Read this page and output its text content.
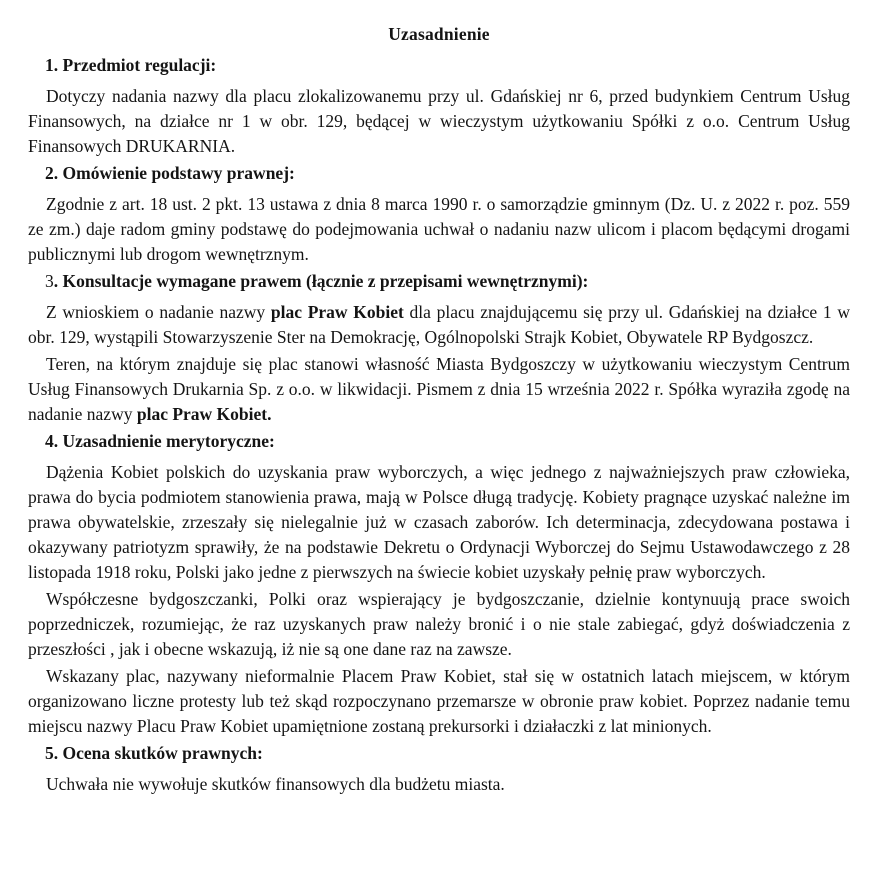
Uzasadnienie
1. Przedmiot regulacji:
Dotyczy nadania nazwy dla placu zlokalizowanemu przy ul. Gdańskiej nr 6, przed budynkiem Centrum Usług Finansowych, na działce nr 1 w obr. 129, będącej w wieczystym użytkowaniu Spółki z o.o. Centrum Usług Finansowych DRUKARNIA.
2. Omówienie podstawy prawnej:
Zgodnie z art. 18 ust. 2 pkt. 13 ustawa z dnia 8 marca 1990 r. o samorządzie gminnym (Dz. U. z 2022 r. poz. 559 ze zm.) daje radom gminy podstawę do podejmowania uchwał o nadaniu nazw ulicom i placom będącymi drogami publicznymi lub drogom wewnętrznym.
3. Konsultacje wymagane prawem (łącznie z przepisami wewnętrznymi):
Z wnioskiem o nadanie nazwy plac Praw Kobiet dla placu znajdującemu się przy ul. Gdańskiej na działce 1 w obr. 129, wystąpili Stowarzyszenie Ster na Demokrację, Ogólnopolski Strajk Kobiet, Obywatele RP Bydgoszcz.
Teren, na którym znajduje się plac stanowi własność Miasta Bydgoszczy w użytkowaniu wieczystym Centrum Usług Finansowych Drukarnia Sp. z o.o. w likwidacji. Pismem z dnia 15 września 2022 r. Spółka wyraziła zgodę na nadanie nazwy plac Praw Kobiet.
4. Uzasadnienie merytoryczne:
Dążenia Kobiet polskich do uzyskania praw wyborczych, a więc jednego z najważniejszych praw człowieka, prawa do bycia podmiotem stanowienia prawa, mają w Polsce długą tradycję. Kobiety pragnące uzyskać należne im prawa obywatelskie, zrzeszały się nielegalnie już w czasach zaborów. Ich determinacja, zdecydowana postawa i okazywany patriotyzm sprawiły, że na podstawie Dekretu o Ordynacji Wyborczej do Sejmu Ustawodawczego z 28 listopada 1918 roku, Polski jako jedne z pierwszych na świecie kobiet uzyskały pełnię praw wyborczych.
Współczesne bydgoszczanki, Polki oraz wspierający je bydgoszczanie, dzielnie kontynuują prace swoich poprzedniczek, rozumiejąc, że raz uzyskanych praw należy bronić i o nie stale zabiegać, gdyż doświadczenia z przeszłości , jak i obecne wskazują, iż nie są one dane raz na zawsze.
Wskazany plac, nazywany nieformalnie Placem Praw Kobiet, stał się w ostatnich latach miejscem, w którym organizowano liczne protesty lub też skąd rozpoczynano przemarsze w obronie praw kobiet. Poprzez nadanie temu miejscu nazwy Placu Praw Kobiet upamiętnione zostaną prekursorki i działaczki z lat minionych.
5. Ocena skutków prawnych:
Uchwała nie wywołuje skutków finansowych dla budżetu miasta.
